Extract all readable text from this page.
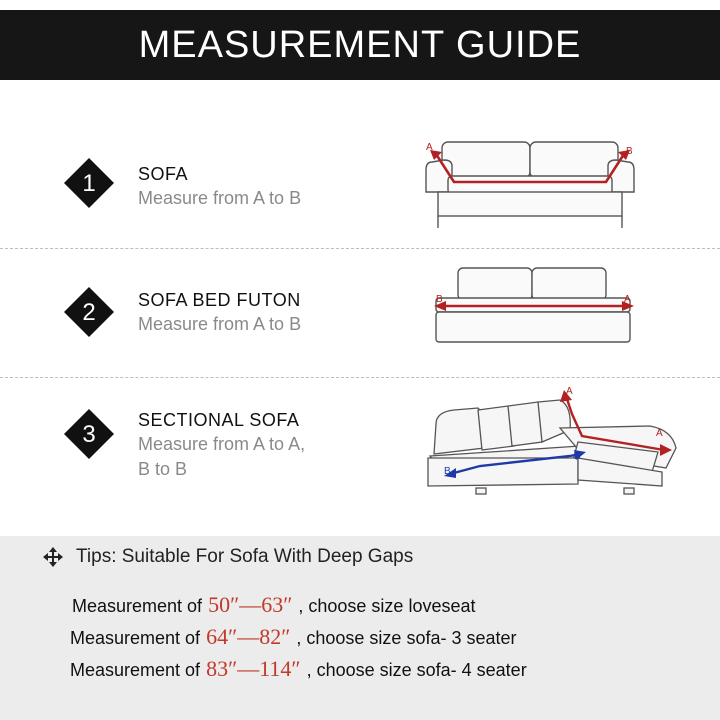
MEASUREMENT GUIDE
1 SOFA
Measure from A to B
A	B
2 SOFA BED FUTON
Measure from A to B
B	A
3
SECTIONAL SOFA
Measure from A to A,
B to B	B
B
A
A
Tips: Suitable For Sofa With Deep Gaps
Measurement of 50″—63″ , choose size loveseat
Measurement of 64″—82″ , choose size sofa- 3 seater
Measurement of 83″—114″ , choose size sofa- 4 seater
